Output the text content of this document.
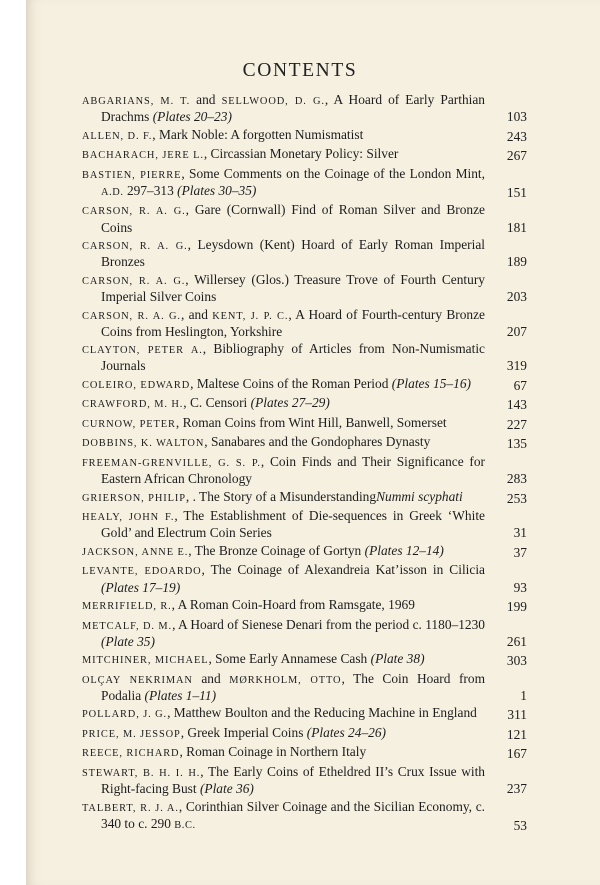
CONTENTS
ABGARIANS, M. T. and SELLWOOD, D. G., A Hoard of Early Parthian Drachms (Plates 20–23)	103
ALLEN, D. F., Mark Noble: A forgotten Numismatist	243
BACHARACH, JERE L., Circassian Monetary Policy: Silver	267
BASTIEN, PIERRE, Some Comments on the Coinage of the London Mint, A.D. 297–313 (Plates 30–35)	151
CARSON, R. A. G., Gare (Cornwall) Find of Roman Silver and Bronze Coins	181
CARSON, R. A. G., Leysdown (Kent) Hoard of Early Roman Imperial Bronzes	189
CARSON, R. A. G., Willersey (Glos.) Treasure Trove of Fourth Century Imperial Silver Coins	203
CARSON, R. A. G., and KENT, J. P. C., A Hoard of Fourth-century Bronze Coins from Heslington, Yorkshire	207
CLAYTON, PETER A., Bibliography of Articles from Non-Numismatic Journals	319
COLEIRO, EDWARD, Maltese Coins of the Roman Period (Plates 15–16)	67
CRAWFORD, M. H., C. Censori (Plates 27–29)	143
CURNOW, PETER, Roman Coins from Wint Hill, Banwell, Somerset	227
DOBBINS, K. WALTON, Sanabares and the Gondophares Dynasty	135
FREEMAN-GRENVILLE, G. S. P., Coin Finds and Their Significance for Eastern African Chronology	283
GRIERSON, PHILIP, . The Story of a MisunderstandingNummi scyphati	253
HEALY, JOHN F., The Establishment of Die-sequences in Greek ‘White Gold’ and Electrum Coin Series	31
JACKSON, ANNE E., The Bronze Coinage of Gortyn (Plates 12–14)	37
LEVANTE, EDOARDO, The Coinage of Alexandreia Kat’isson in Cilicia (Plates 17–19)	93
MERRIFIELD, R., A Roman Coin-Hoard from Ramsgate, 1969	199
METCALF, D. M., A Hoard of Sienese Denari from the period c. 1180–1230 (Plate 35)	261
MITCHINER, MICHAEL, Some Early Annamese Cash (Plate 38)	303
OLÇAY NEKRIMAN and MØRKHOLM, OTTO, The Coin Hoard from Podalia (Plates 1–11)	1
POLLARD, J. G., Matthew Boulton and the Reducing Machine in England	311
PRICE, M. JESSOP, Greek Imperial Coins (Plates 24–26)	121
REECE, RICHARD, Roman Coinage in Northern Italy	167
STEWART, B. H. I. H., The Early Coins of Etheldred II’s Crux Issue with Right-facing Bust (Plate 36)	237
TALBERT, R. J. A., Corinthian Silver Coinage and the Sicilian Economy, c. 340 to c. 290 B.C.	53
